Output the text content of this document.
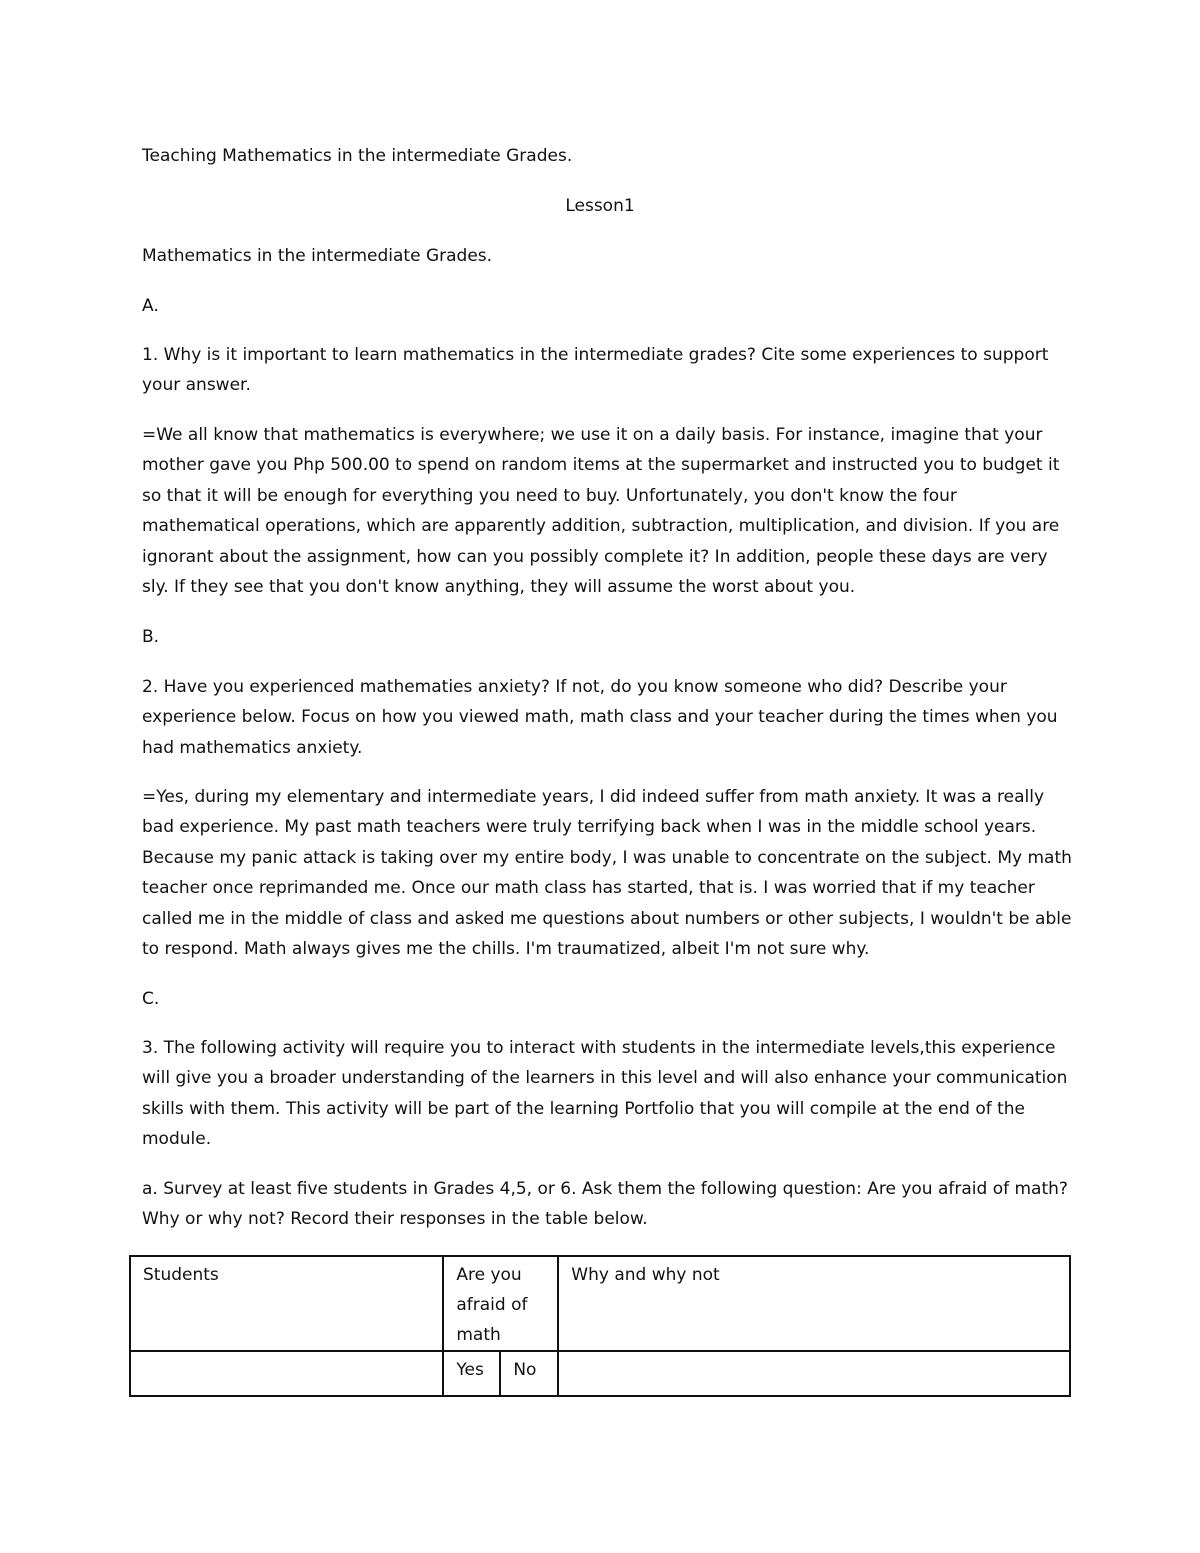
Teaching Mathematics in the intermediate Grades.
Lesson1
Mathematics in the intermediate Grades.
A.
1. Why is it important to learn mathematics in the intermediate grades? Cite some experiences to support your answer.
=We all know that mathematics is everywhere; we use it on a daily basis. For instance, imagine that your mother gave you Php 500.00 to spend on random items at the supermarket and instructed you to budget it so that it will be enough for everything you need to buy. Unfortunately, you don't know the four mathematical operations, which are apparently addition, subtraction, multiplication, and division. If you are ignorant about the assignment, how can you possibly complete it? In addition, people these days are very sly. If they see that you don't know anything, they will assume the worst about you.
B.
2. Have you experienced mathematies anxiety? If not, do you know someone who did? Describe your experience below. Focus on how you viewed math, math class and your teacher during the times when you had mathematics anxiety.
=Yes, during my elementary and intermediate years, I did indeed suffer from math anxiety. It was a really bad experience. My past math teachers were truly terrifying back when I was in the middle school years. Because my panic attack is taking over my entire body, I was unable to concentrate on the subject. My math teacher once reprimanded me. Once our math class has started, that is. I was worried that if my teacher called me in the middle of class and asked me questions about numbers or other subjects, I wouldn't be able to respond. Math always gives me the chills. I'm traumatized, albeit I'm not sure why.
C.
3. The following activity will require you to interact with students in the intermediate levels,this experience will give you a broader understanding of the learners in this level and will also enhance your communication skills with them. This activity will be part of the learning Portfolio that you will compile at the end of the module.
a. Survey at least five students in Grades 4,5, or 6. Ask them the following question: Are you afraid of math? Why or why not? Record their responses in the table below.
Students	Are you afraid of math		Why and why not
	Yes	No	
